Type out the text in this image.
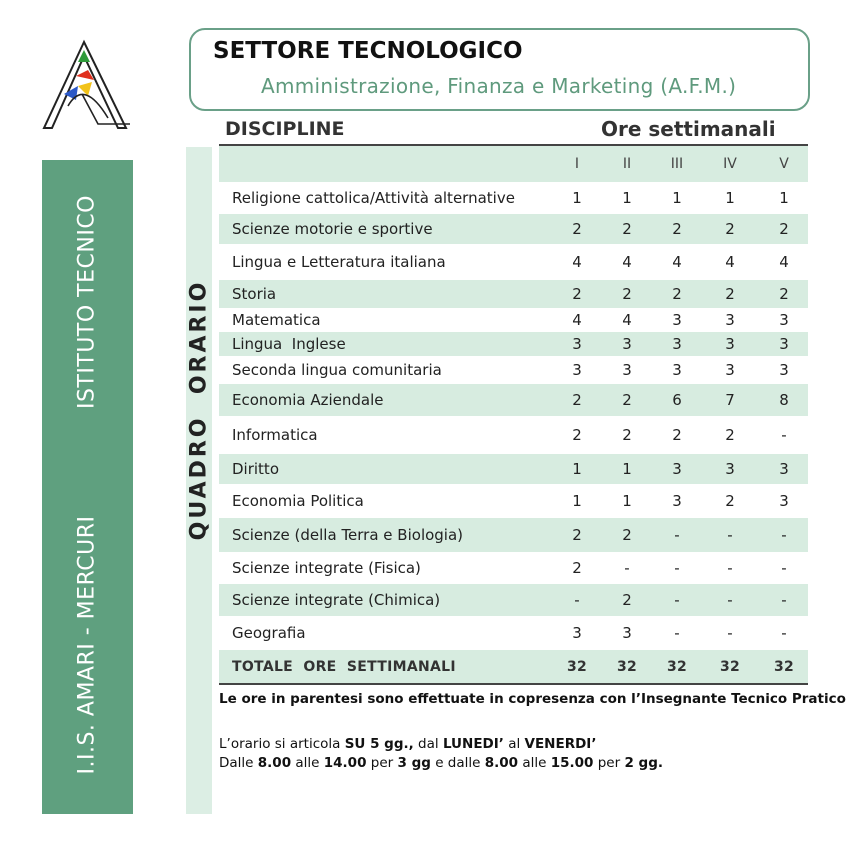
SETTORE TECNOLOGICO
Amministrazione, Finanza e Marketing (A.F.M.)
ISTITUTO TECNICO
I.I.S. AMARI - MERCURI
QUADRO  ORARIO
DISCIPLINE	Ore settimanali
I	II	III	IV	V
Religione cattolica/Attività alternative	1	1	1	1	1
Scienze motorie e sportive	2	2	2	2	2
Lingua e Letteratura italiana	4	4	4	4	4
Storia	2	2	2	2	2
Matematica	4	4	3	3	3
Lingua  Inglese	3	3	3	3	3
Seconda lingua comunitaria	3	3	3	3	3
Economia Aziendale	2	2	6	7	8
Informatica	2	2	2	2	-
Diritto	1	1	3	3	3
Economia Politica	1	1	3	2	3
Scienze (della Terra e Biologia)	2	2	-	-	-
Scienze integrate (Fisica)	2	-	-	-	-
Scienze integrate (Chimica)	-	2	-	-	-
Geografia	3	3	-	-	-
TOTALE  ORE  SETTIMANALI	32	32	32	32	32
Le ore in parentesi sono effettuate in copresenza con l’Insegnante Tecnico Pratico
L’orario si articola SU 5 gg., dal LUNEDI’ al VENERDI’
Dalle 8.00 alle 14.00 per 3 gg e dalle 8.00 alle 15.00 per 2 gg.
